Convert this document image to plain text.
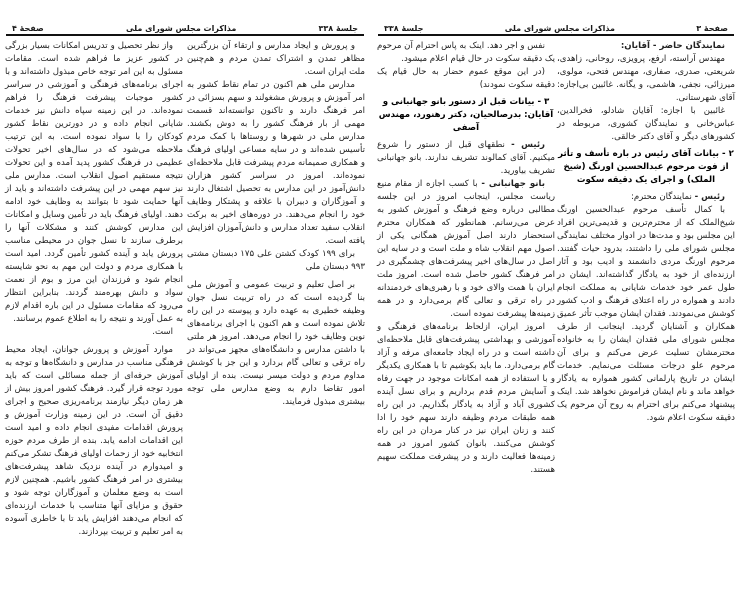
جلسهٔ ۳۳۸
مذاکرات مجلس شورای ملی
صفحهٔ ۴

و پرورش و ایجاد مدارس و ارتقاء آن بزرگترین مظاهر تمدن و اشتراک تمدن مردم و هم‌چنین ملت ایران است.

مدارس ملی هم اکنون در تمام نقاط کشور به امر آموزش و پرورش مشغولند و سهم بسزائی در امر فرهنگ دارند و تاکنون توانسته‌اند قسمت مهمی از بار فرهنگ کشور را به دوش بکشند. مدارس ملی در شهرها و روستاها با کمک مردم تأسیس شده‌اند و در سایه مساعی اولیای فرهنگ و همکاری صمیمانه مردم پیشرفت قابل ملاحظه‌ای نموده‌اند. امروز در سراسر کشور هزاران دانش‌آموز در این مدارس به تحصیل اشتغال دارند و آموزگاران و دبیران با علاقه و پشتکار وظایف خود را انجام می‌دهند. در دوره‌های اخیر به برکت انقلاب سفید تعداد مدارس و دانش‌آموزان افزایش یافته است.

برای ۱۹۹ کودک کشتن علی ۱۷۵ دبستان مشتی ۹۹۳ دبستان ملی

بر اصل تعلیم و تربیت عمومی و آموزش ملی بنا گردیده است که در راه تربیت نسل جوان وظیفه خطیری به عهده دارد و پیوسته در این راه تلاش نموده است و هم اکنون با اجرای برنامه‌های نوین وظایف خود را انجام می‌دهد. امروز هر ملتی با داشتن مدارس و دانشگاه‌های مجهز می‌تواند در راه ترقی و تعالی گام بردارد و این جز با کوشش مداوم مردم و دولت میسر نیست. بنده از اولیای امور تقاضا دارم به وضع مدارس ملی توجه بیشتری مبذول فرمایند.

واز نظر تحصیل و تدریس امکانات بسیار بزرگی در کشور عزیز ما فراهم شده است. مقامات مسئول به این امر توجه خاص مبذول داشته‌اند و با اجرای برنامه‌های فرهنگی و آموزشی در سراسر کشور موجبات پیشرفت فرهنگ را فراهم نموده‌اند. در این زمینه سپاه دانش نیز خدمات شایانی انجام داده و در دورترین نقاط کشور کودکان را با سواد نموده است. به این ترتیب ملاحظه می‌شود که در سال‌های اخیر تحولات عظیمی در فرهنگ کشور پدید آمده و این تحولات نتیجه مستقیم اصول انقلاب است. مدارس ملی نیز سهم مهمی در این پیشرفت داشته‌اند و باید از آنها حمایت شود تا بتوانند به وظایف خود ادامه دهند. اولیای فرهنگ باید در تأمین وسایل و امکانات این مدارس کوشش کنند و مشکلات آنها را برطرف سازند تا نسل جوان در محیطی مناسب پرورش یابد و آینده کشور تأمین گردد. امید است با همکاری مردم و دولت این مهم به نحو شایسته انجام شود و فرزندان این مرز و بوم از نعمت سواد و دانش بهره‌مند گردند. بنابراین انتظار می‌رود که مقامات مسئول در این باره اقدام لازم به عمل آورند و نتیجه را به اطلاع عموم برسانند.

است.

موارد آموزش و پرورش جوانان، ایجاد محیط فرهنگی مناسب در مدارس و دانشگاه‌ها و توجه به آموزش حرفه‌ای از جمله مسائلی است که باید مورد توجه قرار گیرد. فرهنگ کشور امروز بیش از هر زمان دیگر نیازمند برنامه‌ریزی صحیح و اجرای دقیق آن است. در این زمینه وزارت آموزش و پرورش اقدامات مفیدی انجام داده و امید است این اقدامات ادامه یابد. بنده از طرف مردم حوزه انتخابیه خود از زحمات اولیای فرهنگ تشکر می‌کنم و امیدوارم در آینده نزدیک شاهد پیشرفت‌های بیشتری در امر فرهنگ کشور باشیم. همچنین لازم است به وضع معلمان و آموزگاران توجه شود و حقوق و مزایای آنها متناسب با خدمات ارزنده‌ای که انجام می‌دهند افزایش یابد تا با خاطری آسوده به امر تعلیم و تربیت بپردازند.

صفحهٔ ۳
مذاکرات مجلس شورای ملی
جلسهٔ ۳۳۸

نمایندگان حاضر - آقایان:

مهندس آراسته، ارفع، پرویزی، روحانی، زاهدی، شریعتی، صدری، صفاری، مهندس فتحی، مولوی، میرزائی، نجفی، هاشمی، و یگانه. غائبین بی‌اجازه: آقای شهرستانی.

غائبین با اجازه: آقایان شادلو، فخرالدین، عباس‌خانی و نمایندگان کشوری، مربوطه در کشورهای دیگر و آقای دکتر خالقی.

۲ - بیانات آقای رئیس در باره تأسف و تأثر از فوت مرحوم عبدالحسین اورنگ (شیخ الملک) و اجرای یک دقیقه سکوت

رئیس - نمایندگان محترم:

با کمال تأسف مرحوم عبدالحسین اورنگ شیخ‌الملک که از محترم‌ترین و قدیمی‌ترین افراد این مجلس بود و مدت‌ها در ادوار مختلف نمایندگی مجلس شورای ملی را داشتند، بدرود حیات گفتند. مرحوم اورنگ مردی دانشمند و ادیب بود و آثار ارزنده‌ای از خود به یادگار گذاشته‌اند. ایشان در طول عمر خود خدمات شایانی به مملکت انجام دادند و همواره در راه اعتلای فرهنگ و ادب کشور کوشش می‌نمودند. فقدان ایشان موجب تأثر عمیق همکاران و آشنایان گردید. اینجانب از طرف مجلس شورای ملی فقدان ایشان را به خانواده محترمشان تسلیت عرض می‌کنم و برای آن مرحوم علو درجات مسئلت می‌نمایم. خدمات ایشان در تاریخ پارلمانی کشور همواره به یادگار خواهد ماند و نام ایشان فراموش نخواهد شد. اینک پیشنهاد می‌کنم برای احترام به روح آن مرحوم یک دقیقه سکوت اعلام شود.

نفس و اجر دهد. اینک به پاس احترام آن مرحوم یک دقیقه سکوت در حال قیام اعلام میشود.

(در این موقع عموم حضار به حال قیام یک دقیقه سکوت نمودند)

۳ - بیانات قبل از دستور بانو جهانبانی و آقایان: بدرصالحیان، دکتر رهنورد، مهندس آصفی

رئیس - نطقهای قبل از دستور را شروع میکنیم. آقای کمالوند تشریف ندارند. بانو جهانبانی تشریف بیاورید.

بانو جهانبانی - با کسب اجازه از مقام منیع ریاست مجلس، اینجانب امروز در این جلسه مطالبی درباره وضع فرهنگ و آموزش کشور به عرض می‌رسانم. همانطور که همکاران محترم استحضار دارند اصل آموزش همگانی یکی از اصول مهم انقلاب شاه و ملت است و در سایه این اصل در سال‌های اخیر پیشرفت‌های چشمگیری در امر فرهنگ کشور حاصل شده است. امروز ملت ایران با همت والای خود و با رهبری‌های خردمندانه در راه ترقی و تعالی گام برمی‌دارد و در همه زمینه‌ها پیشرفت نموده است.

امروز ایران، ازلحاظ برنامه‌های فرهنگی و آموزشی و بهداشتی پیشرفت‌های قابل ملاحظه‌ای داشته است و در راه ایجاد جامعه‌ای مرفه و آزاد گام برمی‌دارد. ما باید بکوشیم تا با همکاری یکدیگر و با استفاده از همه امکانات موجود در جهت رفاه و آسایش مردم قدم برداریم و برای نسل آینده کشوری آباد و آزاد به یادگار بگذاریم. در این راه همه طبقات مردم وظیفه دارند سهم خود را ادا کنند و زنان ایران نیز در کنار مردان در این راه کوشش می‌کنند. بانوان کشور امروز در همه زمینه‌ها فعالیت دارند و در پیشرفت مملکت سهیم هستند.
